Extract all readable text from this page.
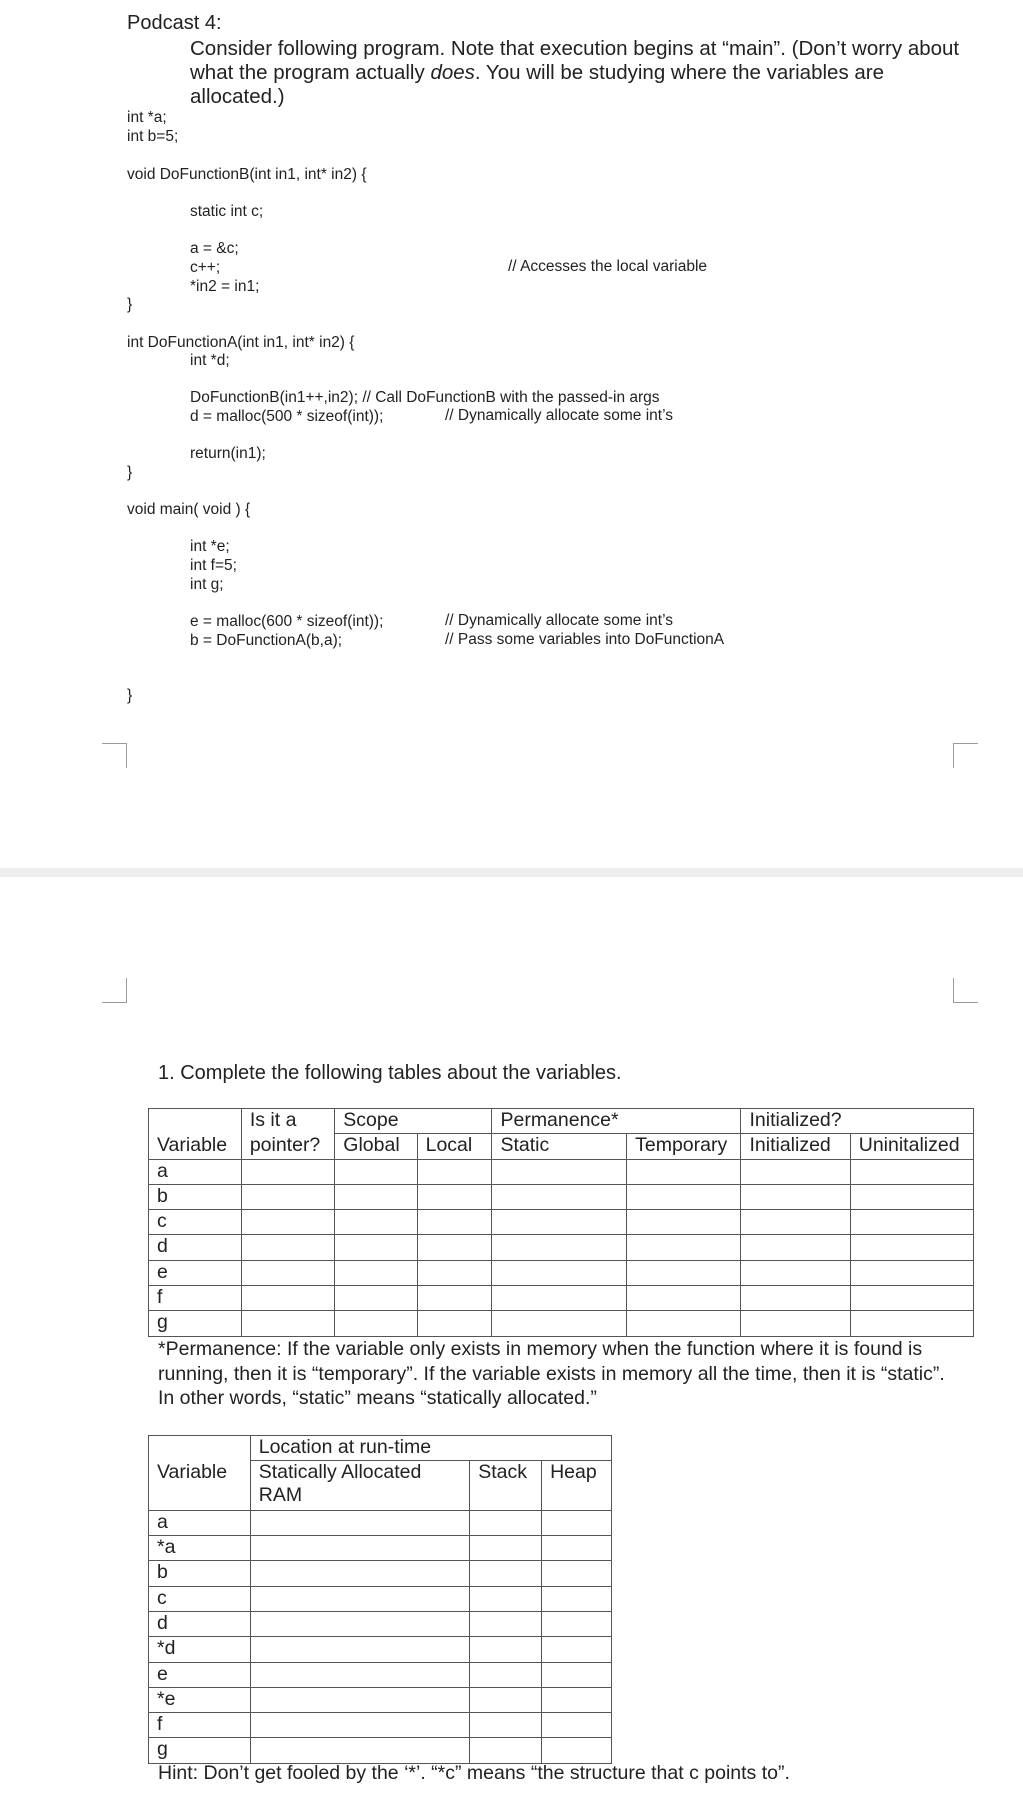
Podcast 4:
Consider following program. Note that execution begins at “main”. (Don’t worry about what the program actually does. You will be studying where the variables are allocated.)
int *a;
int b=5;
void DoFunctionB(int in1, int* in2) {
static int c;
a = &c;
c++;
*in2 = in1;
// Accesses the local variable
}
int DoFunctionA(int in1, int* in2) {
int *d;
DoFunctionB(in1++,in2); // Call DoFunctionB with the passed-in args
d = malloc(500 * sizeof(int));	// Dynamically allocate some int’s
return(in1);
}
void main( void ) {
int *e;
int f=5;
int g;
e = malloc(600 * sizeof(int));	// Dynamically allocate some int’s
b = DoFunctionA(b,a);	// Pass some variables into DoFunctionA
}
1. Complete the following tables about the variables.
	Is it a	Scope		Permanence*		Initialized?	
Variable	pointer?	Global	Local	Static	Temporary	Initialized	Uninitalized
a							
b							
c							
d							
e							
f							
g							
*Permanence: If the variable only exists in memory when the function where it is found is running, then it is “temporary”. If the variable exists in memory all the time, then it is “static”. In other words, “static” means “statically allocated.”
	Location at run-time		
Variable	Statically Allocated RAM	Stack	Heap
a			
*a			
b			
c			
d			
*d			
e			
*e			
f			
g			
Hint: Don’t get fooled by the ‘*’. “*c” means “the structure that c points to”.
